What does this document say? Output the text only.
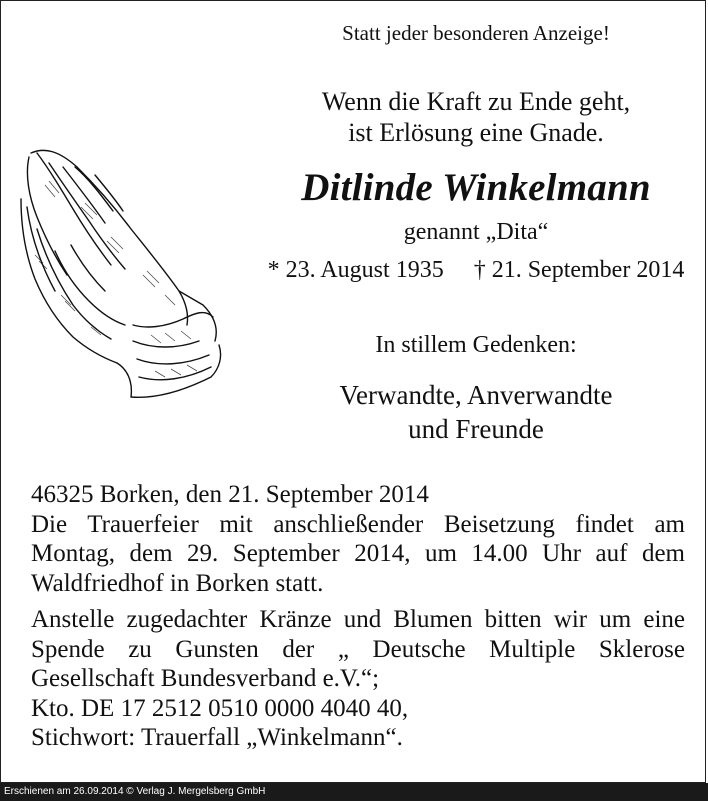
Statt jeder besonderen Anzeige!
Wenn die Kraft zu Ende geht,
ist Erlösung eine Gnade.
Ditlinde Winkelmann
genannt „Dita“
* 23. August 1935 † 21. September 2014
In stillem Gedenken:
Verwandte, Anverwandte
und Freunde

46325 Borken, den 21. September 2014

Die Trauerfeier mit anschließender Beisetzung findet am Montag, dem 29. September 2014, um 14.00 Uhr auf dem Waldfriedhof in Borken statt.

Anstelle zugedachter Kränze und Blumen bitten wir um eine Spende zu Gunsten der „ Deutsche Multiple Sklerose Gesellschaft Bundesverband e.V.“;

Kto. DE 17 2512 0510 0000 4040 40,

Stichwort: Trauerfall „Winkelmann“.

Erschienen am 26.09.2014 © Verlag J. Mergelsberg GmbH
